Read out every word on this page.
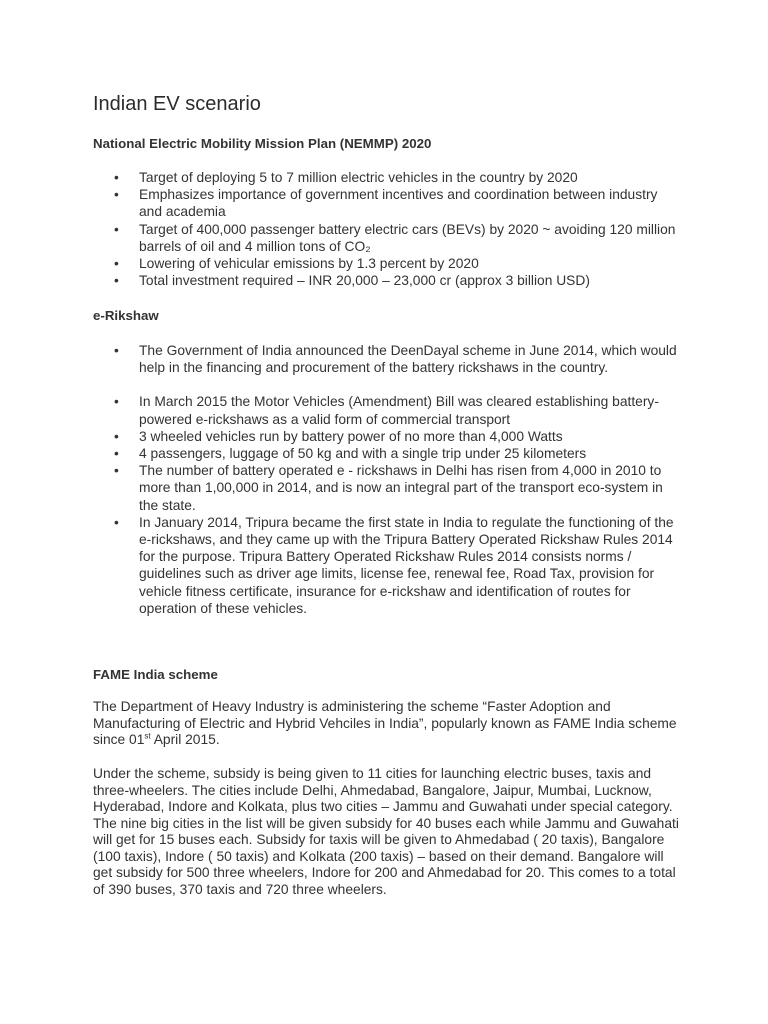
Indian EV scenario
National Electric Mobility Mission Plan (NEMMP) 2020
• Target of deploying 5 to 7 million electric vehicles in the country by 2020
• Emphasizes importance of government incentives and coordination between industry and academia
• Target of 400,000 passenger battery electric cars (BEVs) by 2020 ~ avoiding 120 million barrels of oil and 4 million tons of CO₂
• Lowering of vehicular emissions by 1.3 percent by 2020
• Total investment required – INR 20,000 – 23,000 cr (approx 3 billion USD)
e-Rikshaw
• The Government of India announced the DeenDayal scheme in June 2014, which would help in the financing and procurement of the battery rickshaws in the country.
• In March 2015 the Motor Vehicles (Amendment) Bill was cleared establishing battery-powered e-rickshaws as a valid form of commercial transport
• 3 wheeled vehicles run by battery power of no more than 4,000 Watts
• 4 passengers, luggage of 50 kg and with a single trip under 25 kilometers
• The number of battery operated e - rickshaws in Delhi has risen from 4,000 in 2010 to more than 1,00,000 in 2014, and is now an integral part of the transport eco-system in the state.
• In January 2014, Tripura became the first state in India to regulate the functioning of the e-rickshaws, and they came up with the Tripura Battery Operated Rickshaw Rules 2014 for the purpose. Tripura Battery Operated Rickshaw Rules 2014 consists norms / guidelines such as driver age limits, license fee, renewal fee, Road Tax, provision for vehicle fitness certificate, insurance for e-rickshaw and identification of routes for operation of these vehicles.
FAME India scheme

The Department of Heavy Industry is administering the scheme “Faster Adoption and Manufacturing of Electric and Hybrid Vehciles in India”, popularly known as FAME India scheme since 01st April 2015.

Under the scheme, subsidy is being given to 11 cities for launching electric buses, taxis and three-wheelers. The cities include Delhi, Ahmedabad, Bangalore, Jaipur, Mumbai, Lucknow, Hyderabad, Indore and Kolkata, plus two cities – Jammu and Guwahati under special category. The nine big cities in the list will be given subsidy for 40 buses each while Jammu and Guwahati will get for 15 buses each. Subsidy for taxis will be given to Ahmedabad ( 20 taxis), Bangalore (100 taxis), Indore ( 50 taxis) and Kolkata (200 taxis) – based on their demand. Bangalore will get subsidy for 500 three wheelers, Indore for 200 and Ahmedabad for 20. This comes to a total of 390 buses, 370 taxis and 720 three wheelers.
